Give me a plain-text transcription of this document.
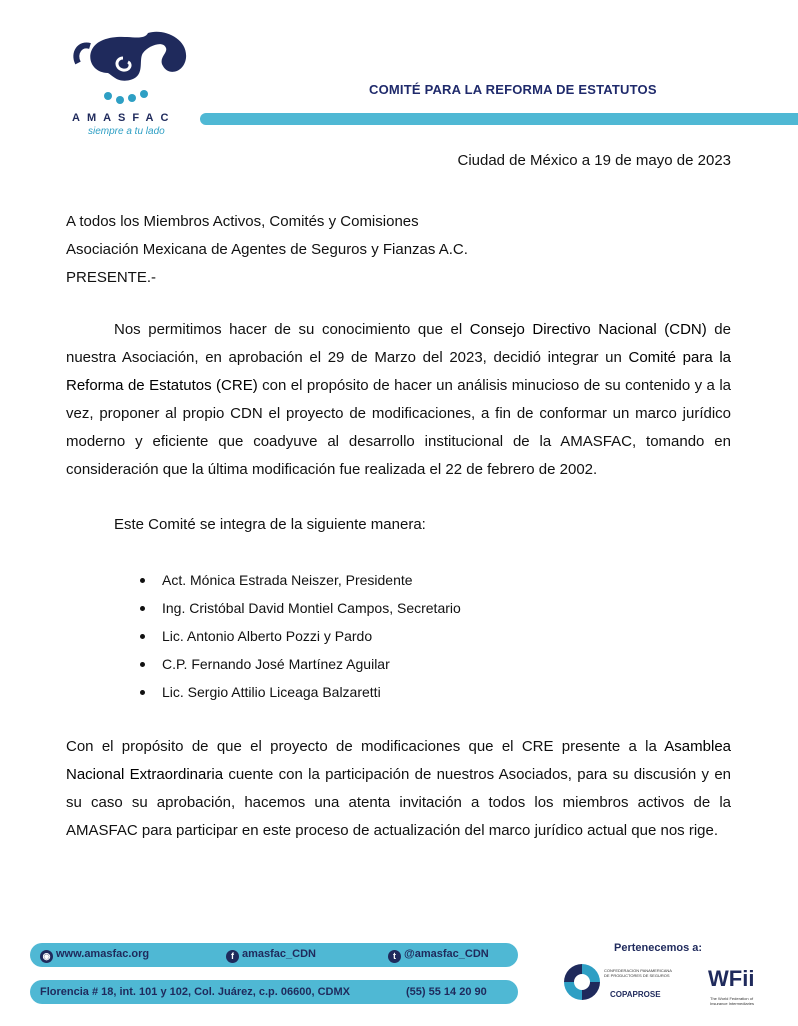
AMASFAC
siempre a tu lado
COMITÉ PARA LA REFORMA DE ESTATUTOS
Ciudad de México a 19 de mayo de 2023
A todos los Miembros Activos, Comités y Comisiones
Asociación Mexicana de Agentes de Seguros y Fianzas A.C.
PRESENTE.-
Nos permitimos hacer de su conocimiento que el Consejo Directivo Nacional (CDN) de nuestra Asociación, en aprobación el 29 de Marzo del 2023, decidió integrar un Comité para la Reforma de Estatutos (CRE) con el propósito de hacer un análisis minucioso de su contenido y a la vez, proponer al propio CDN el proyecto de modificaciones, a fin de conformar un marco jurídico moderno y eficiente que coadyuve al desarrollo institucional de la AMASFAC, tomando en consideración que la última modificación fue realizada el 22 de febrero de 2002.
Este Comité se integra de la siguiente manera:
Act. Mónica Estrada Neiszer, Presidente
Ing. Cristóbal David Montiel Campos, Secretario
Lic. Antonio Alberto Pozzi y Pardo
C.P. Fernando José Martínez Aguilar
Lic. Sergio Attilio Liceaga Balzaretti
Con el propósito de que el proyecto de modificaciones que el CRE presente a la Asamblea Nacional Extraordinaria cuente con la participación de nuestros Asociados, para su discusión y en su caso su aprobación, hacemos una atenta invitación a todos los miembros activos de la AMASFAC para participar en este proceso de actualización del marco jurídico actual que nos rige.
◉ www.amasfac.org	f amasfac_CDN	t @amasfac_CDN
Florencia # 18, int. 101 y 102, Col. Juárez, c.p. 06600, CDMX	(55) 55 14 20 90
Pertenecemos a:
CONFEDERACION PANAMERICANA DE PRODUCTORES DE SEGUROS
COPAPROSE
WFii
The World Federation of Insurance Intermediaries
